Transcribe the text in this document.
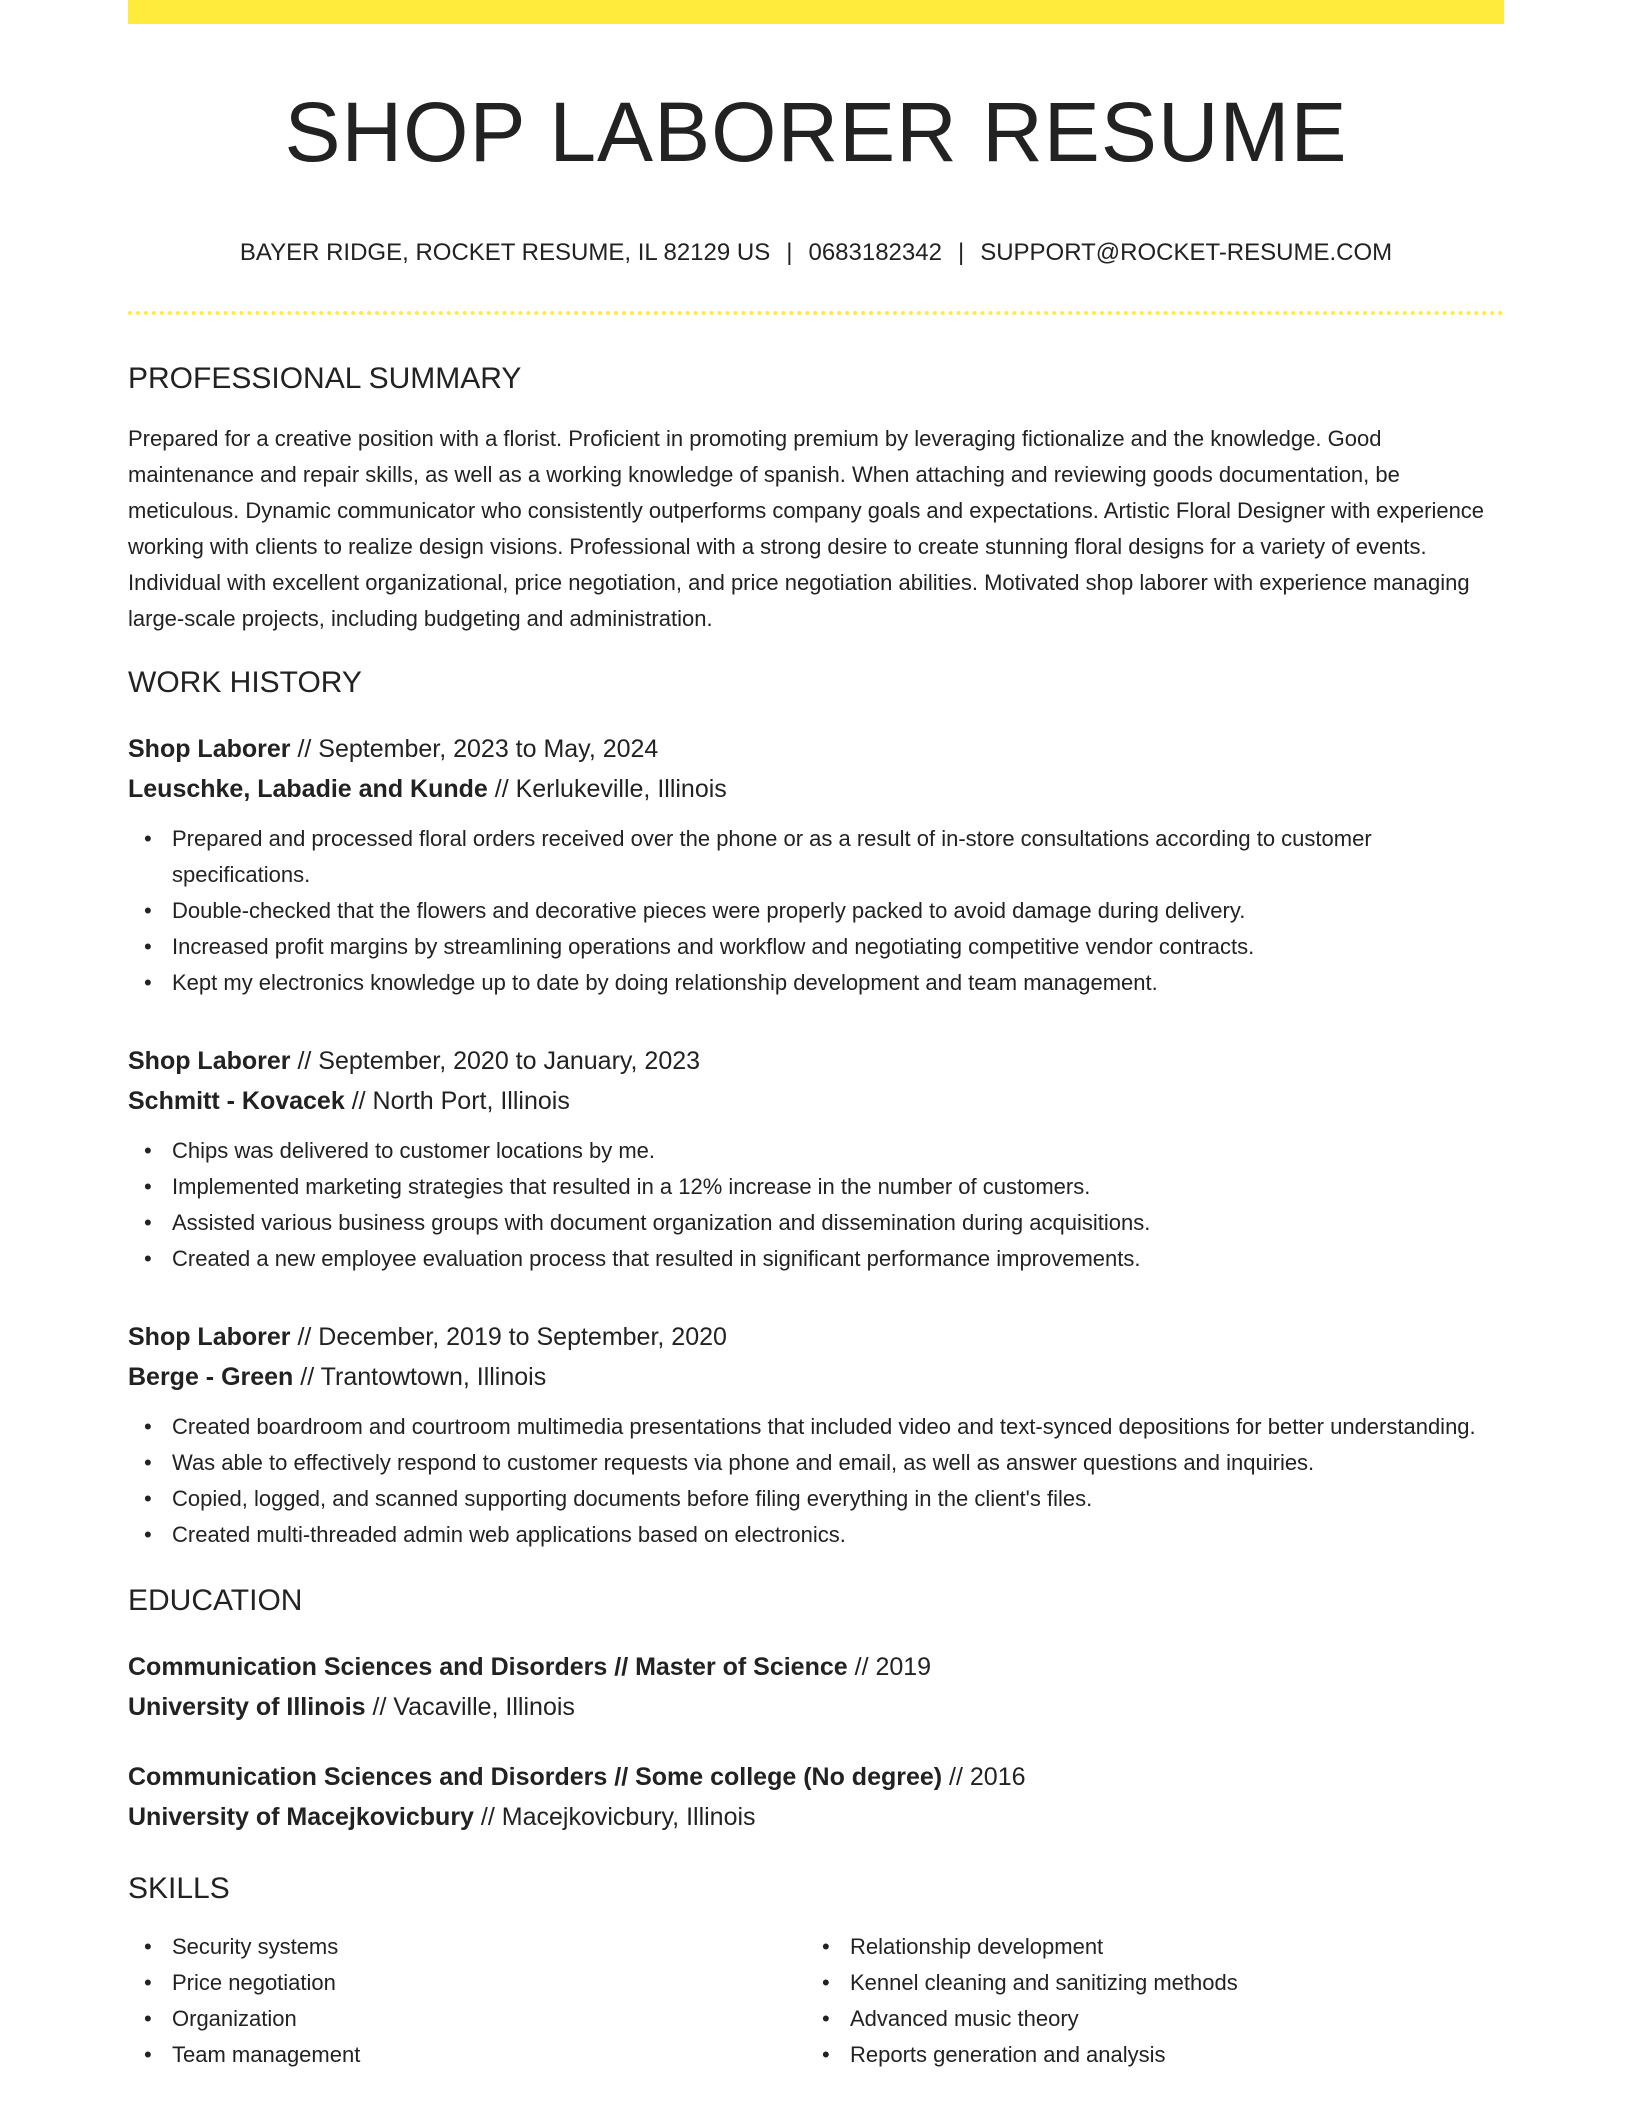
SHOP LABORER RESUME
BAYER RIDGE, ROCKET RESUME, IL 82129 US | 0683182342 | SUPPORT@ROCKET-RESUME.COM
PROFESSIONAL SUMMARY

Prepared for a creative position with a florist. Proficient in promoting premium by leveraging fictionalize and the knowledge. Good maintenance and repair skills, as well as a working knowledge of spanish. When attaching and reviewing goods documentation, be meticulous. Dynamic communicator who consistently outperforms company goals and expectations. Artistic Floral Designer with experience working with clients to realize design visions. Professional with a strong desire to create stunning floral designs for a variety of events. Individual with excellent organizational, price negotiation, and price negotiation abilities. Motivated shop laborer with experience managing large-scale projects, including budgeting and administration.

WORK HISTORY
Shop Laborer // September, 2023 to May, 2024
Leuschke, Labadie and Kunde // Kerlukeville, Illinois
• Prepared and processed floral orders received over the phone or as a result of in-store consultations according to customer specifications.
• Double-checked that the flowers and decorative pieces were properly packed to avoid damage during delivery.
• Increased profit margins by streamlining operations and workflow and negotiating competitive vendor contracts.
• Kept my electronics knowledge up to date by doing relationship development and team management.
Shop Laborer // September, 2020 to January, 2023
Schmitt - Kovacek // North Port, Illinois
• Chips was delivered to customer locations by me.
• Implemented marketing strategies that resulted in a 12% increase in the number of customers.
• Assisted various business groups with document organization and dissemination during acquisitions.
• Created a new employee evaluation process that resulted in significant performance improvements.
Shop Laborer // December, 2019 to September, 2020
Berge - Green // Trantowtown, Illinois
• Created boardroom and courtroom multimedia presentations that included video and text-synced depositions for better understanding.
• Was able to effectively respond to customer requests via phone and email, as well as answer questions and inquiries.
• Copied, logged, and scanned supporting documents before filing everything in the client's files.
• Created multi-threaded admin web applications based on electronics.
EDUCATION
Communication Sciences and Disorders // Master of Science // 2019
University of Illinois // Vacaville, Illinois
Communication Sciences and Disorders // Some college (No degree) // 2016
University of Macejkovicbury // Macejkovicbury, Illinois
SKILLS
• Security systems
• Price negotiation
• Organization
• Team management
• Relationship development
• Kennel cleaning and sanitizing methods
• Advanced music theory
• Reports generation and analysis
